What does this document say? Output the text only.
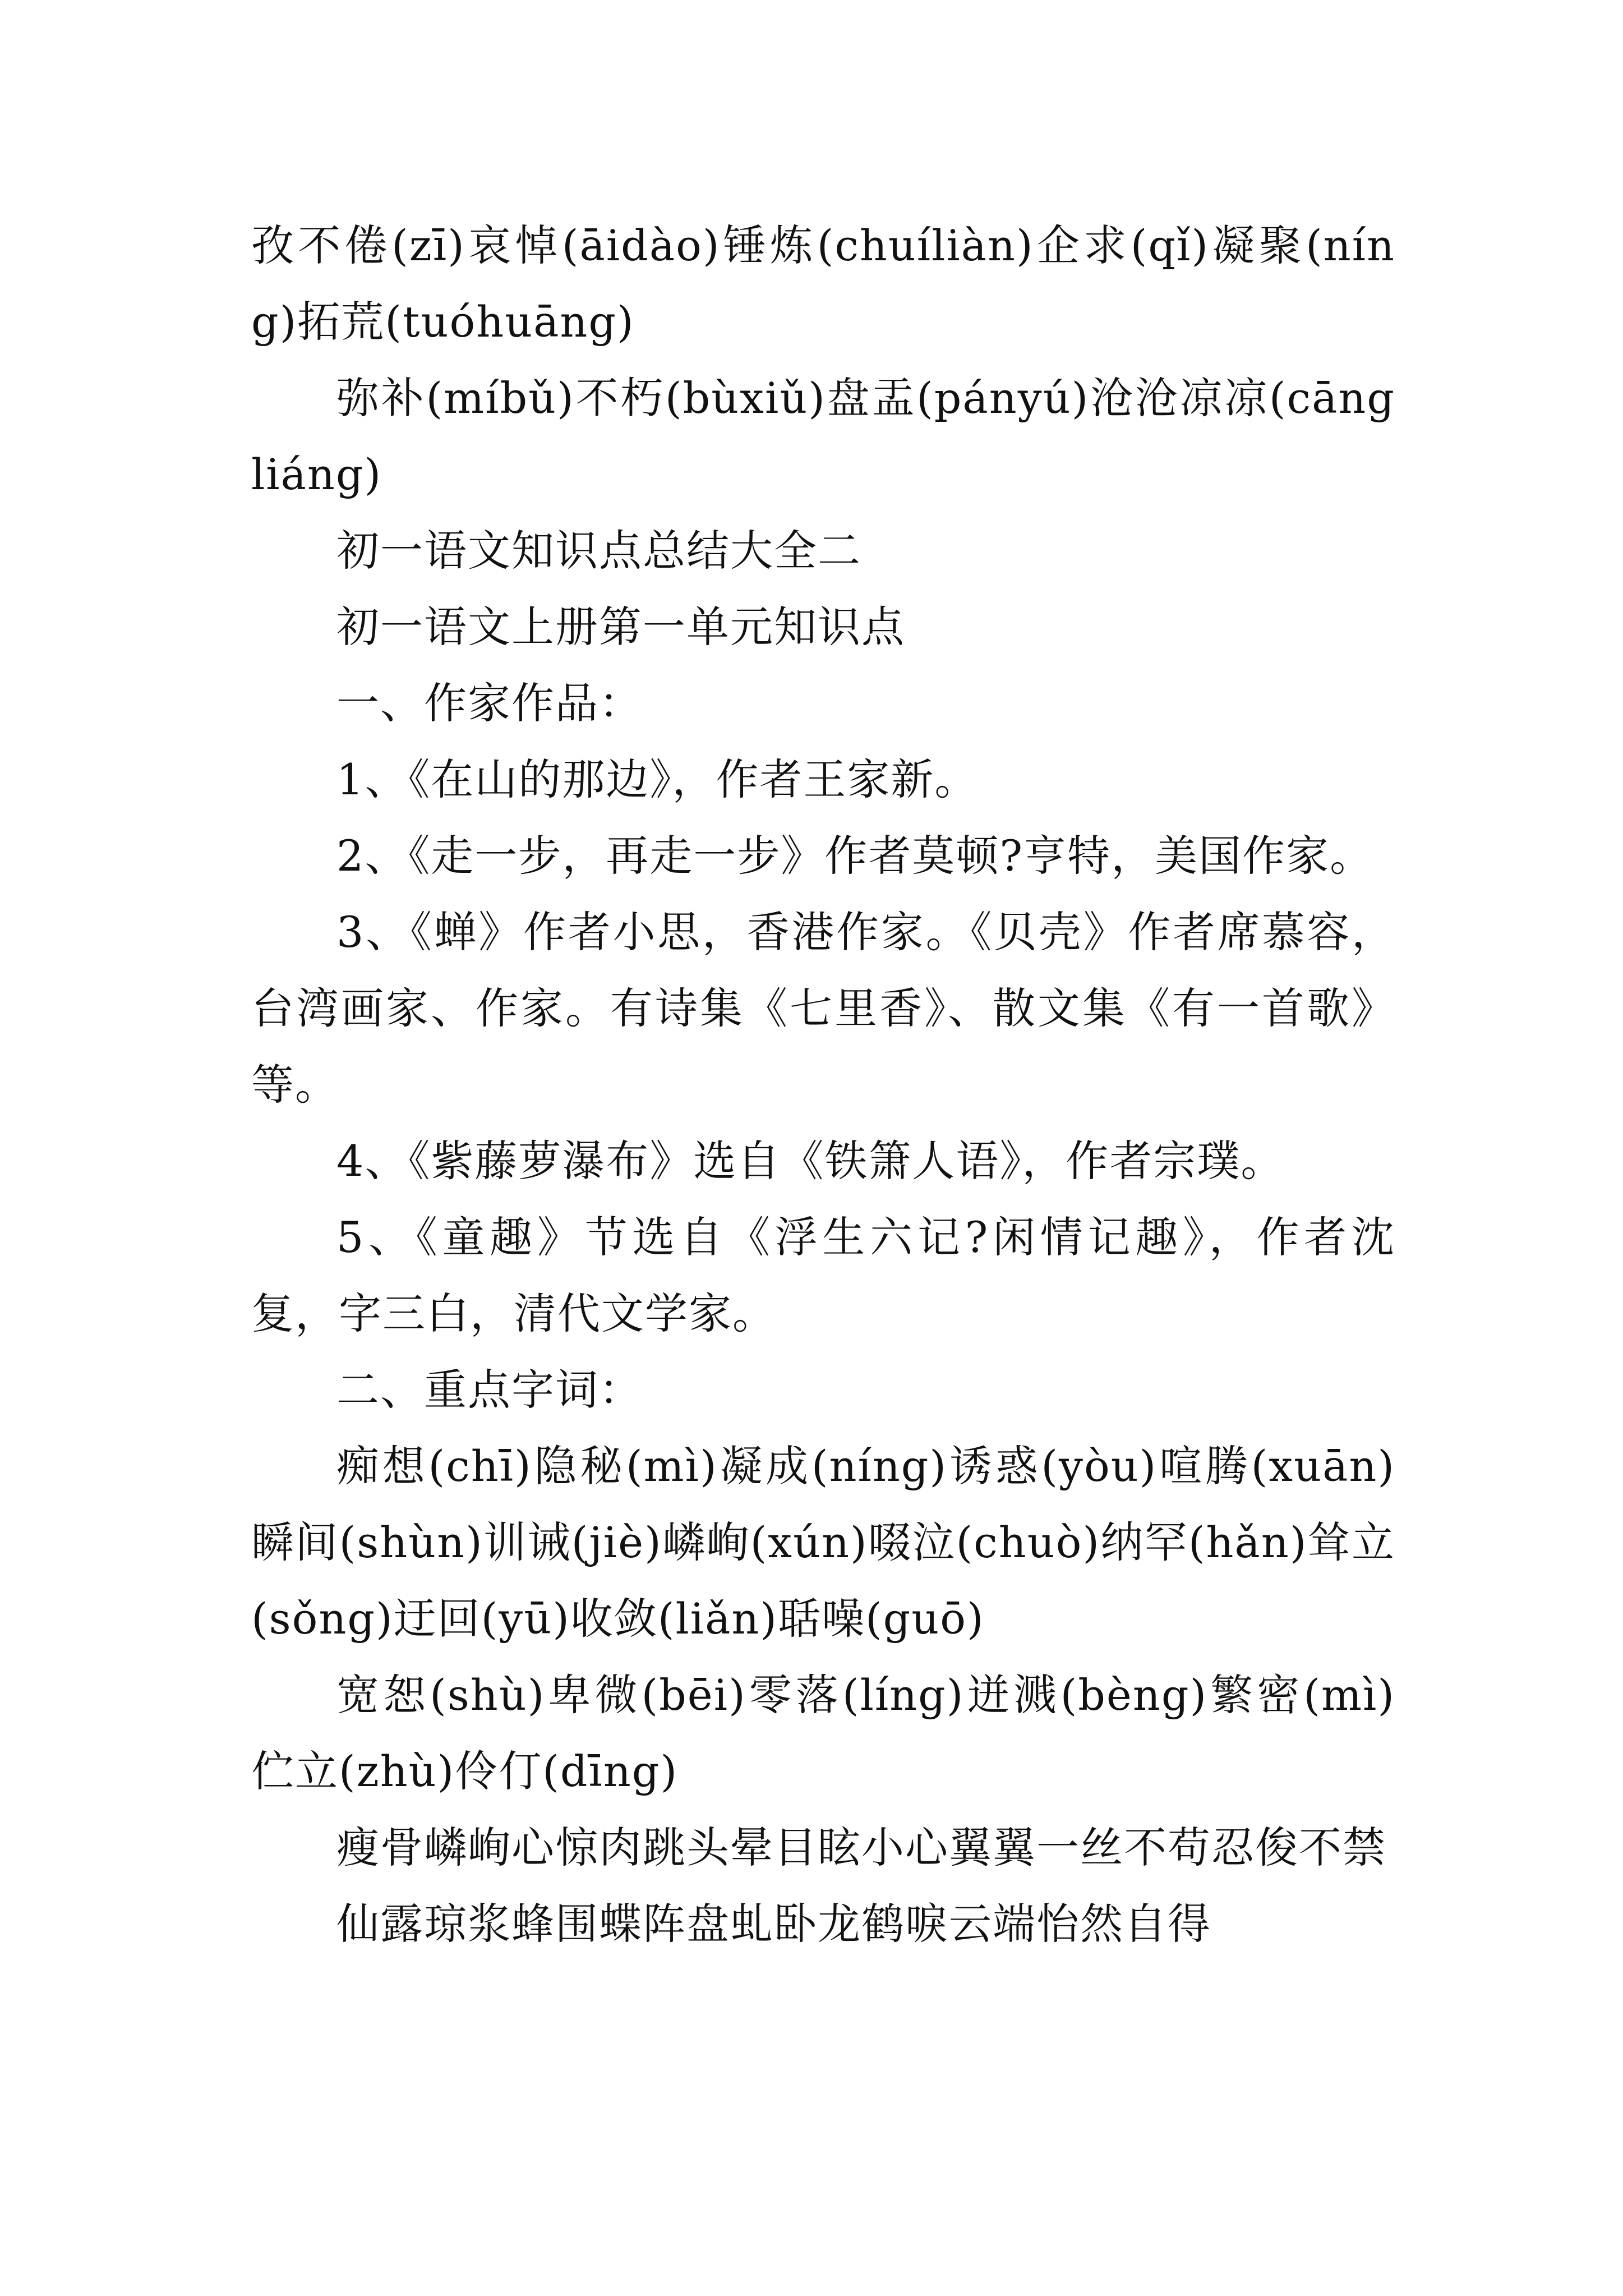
孜不倦(zī)哀悼(āidào)锤炼(chuíliàn)企求(qǐ)凝聚(níng)拓荒(tuóhuāng)

弥补(míbǔ)不朽(bùxiǔ)盘盂(pányú)沧沧凉凉(cāngliáng)

初一语文知识点总结大全二

初一语文上册第一单元知识点

一、作家作品：

1、《在山的那边》，作者王家新。

2、《走一步，再走一步》作者莫顿?亨特，美国作家。

3、《蝉》作者小思，香港作家。《贝壳》作者席慕容，台湾画家、作家。有诗集《七里香》、散文集《有一首歌》等。

4、《紫藤萝瀑布》选自《铁箫人语》，作者宗璞。

5、《童趣》节选自《浮生六记?闲情记趣》，作者沈复，字三白，清代文学家。

二、重点字词：

痴想(chī)隐秘(mì)凝成(níng)诱惑(yòu)喧腾(xuān)瞬间(shùn)训诫(jiè)嶙峋(xún)啜泣(chuò)纳罕(hǎn)耸立(sǒng)迂回(yū)收敛(liǎn)聒噪(guō)

宽恕(shù)卑微(bēi)零落(líng)迸溅(bèng)繁密(mì)伫立(zhù)伶仃(dīng)

瘦骨嶙峋心惊肉跳头晕目眩小心翼翼一丝不苟忍俊不禁

仙露琼浆蜂围蝶阵盘虬卧龙鹤唳云端怡然自得
